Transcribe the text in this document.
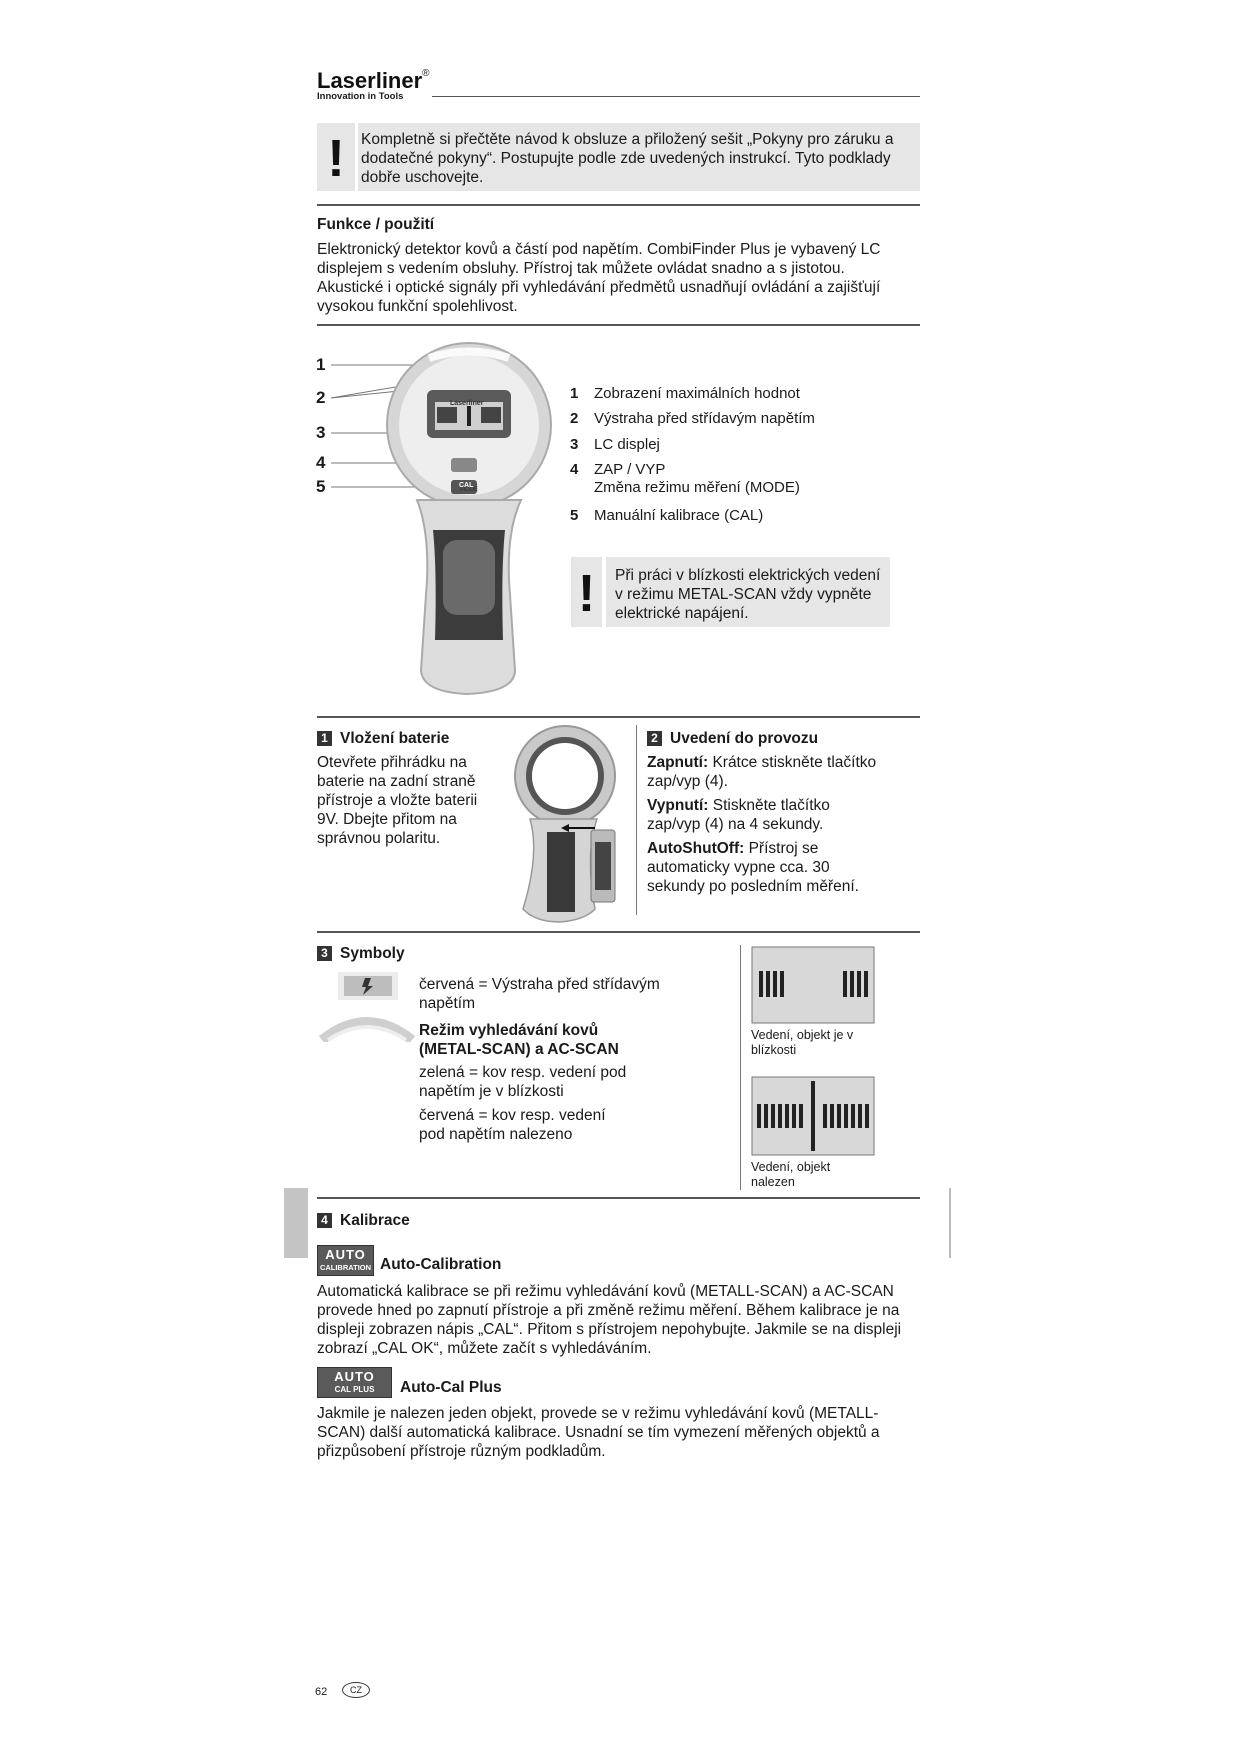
Laserliner®
Innovation in Tools
!	Kompletně si přečtěte návod k obsluze a přiložený sešit „Pokyny pro záruku a dodatečné pokyny“. Postupujte podle zde uvedených instrukcí. Tyto podklady dobře uschovejte.

Funkce / použití

Elektronický detektor kovů a částí pod napětím. CombiFinder Plus je vybavený LC displejem s vedením obsluhy. Přístroj tak můžete ovládat snadno a s jistotou. Akustické i optické signály při vyhledávání předmětů usnadňují ovládání a zajišťují vysokou funkční spolehlivost.

1
2
3
4
5
Laserliner
MODE
CAL
1 Zobrazení maximálních hodnot
2 Výstraha před střídavým napětím
3 LC displej
4 ZAP / VYP
Změna režimu měření (MODE)
5 Manuální kalibrace (CAL)
!	Při práci v blízkosti elektrických vedení v režimu METAL-SCAN vždy vypněte elektrické napájení.

1 Vložení baterie

Otevřete přihrádku na baterie na zadní straně přístroje a vložte baterii 9V. Dbejte přitom na správnou polaritu.

2 Uvedení do provozu

Zapnutí: Krátce stiskněte tlačítko zap/vyp (4).

Vypnutí: Stiskněte tlačítko zap/vyp (4) na 4 sekundy.

AutoShutOff: Přístroj se automaticky vypne cca. 30 sekundy po posledním měření.

3 Symboly

červená = Výstraha před střídavým napětím

Režim vyhledávání kovů (METAL-SCAN) a AC-SCAN

zelená = kov resp. vedení pod napětím je v blízkosti

červená = kov resp. vedení pod napětím nalezeno

Vedení, objekt je v blízkosti

Vedení, objekt nalezen

4 Kalibrace
AUTO
CALIBRATION Auto-Calibration

Automatická kalibrace se při režimu vyhledávání kovů (METALL-SCAN) a AC-SCAN provede hned po zapnutí přístroje a při změně režimu měření. Během kalibrace je na displeji zobrazen nápis „CAL“. Přitom s přístrojem nepohybujte. Jakmile se na displeji zobrazí „CAL OK“, můžete začít s vyhledáváním.

AUTO
CAL PLUS	Auto-Cal Plus

Jakmile je nalezen jeden objekt, provede se v režimu vyhledávání kovů (METALL-SCAN) další automatická kalibrace. Usnadní se tím vymezení měřených objektů a přizpůsobení přístroje různým podkladům.

62	CZ
